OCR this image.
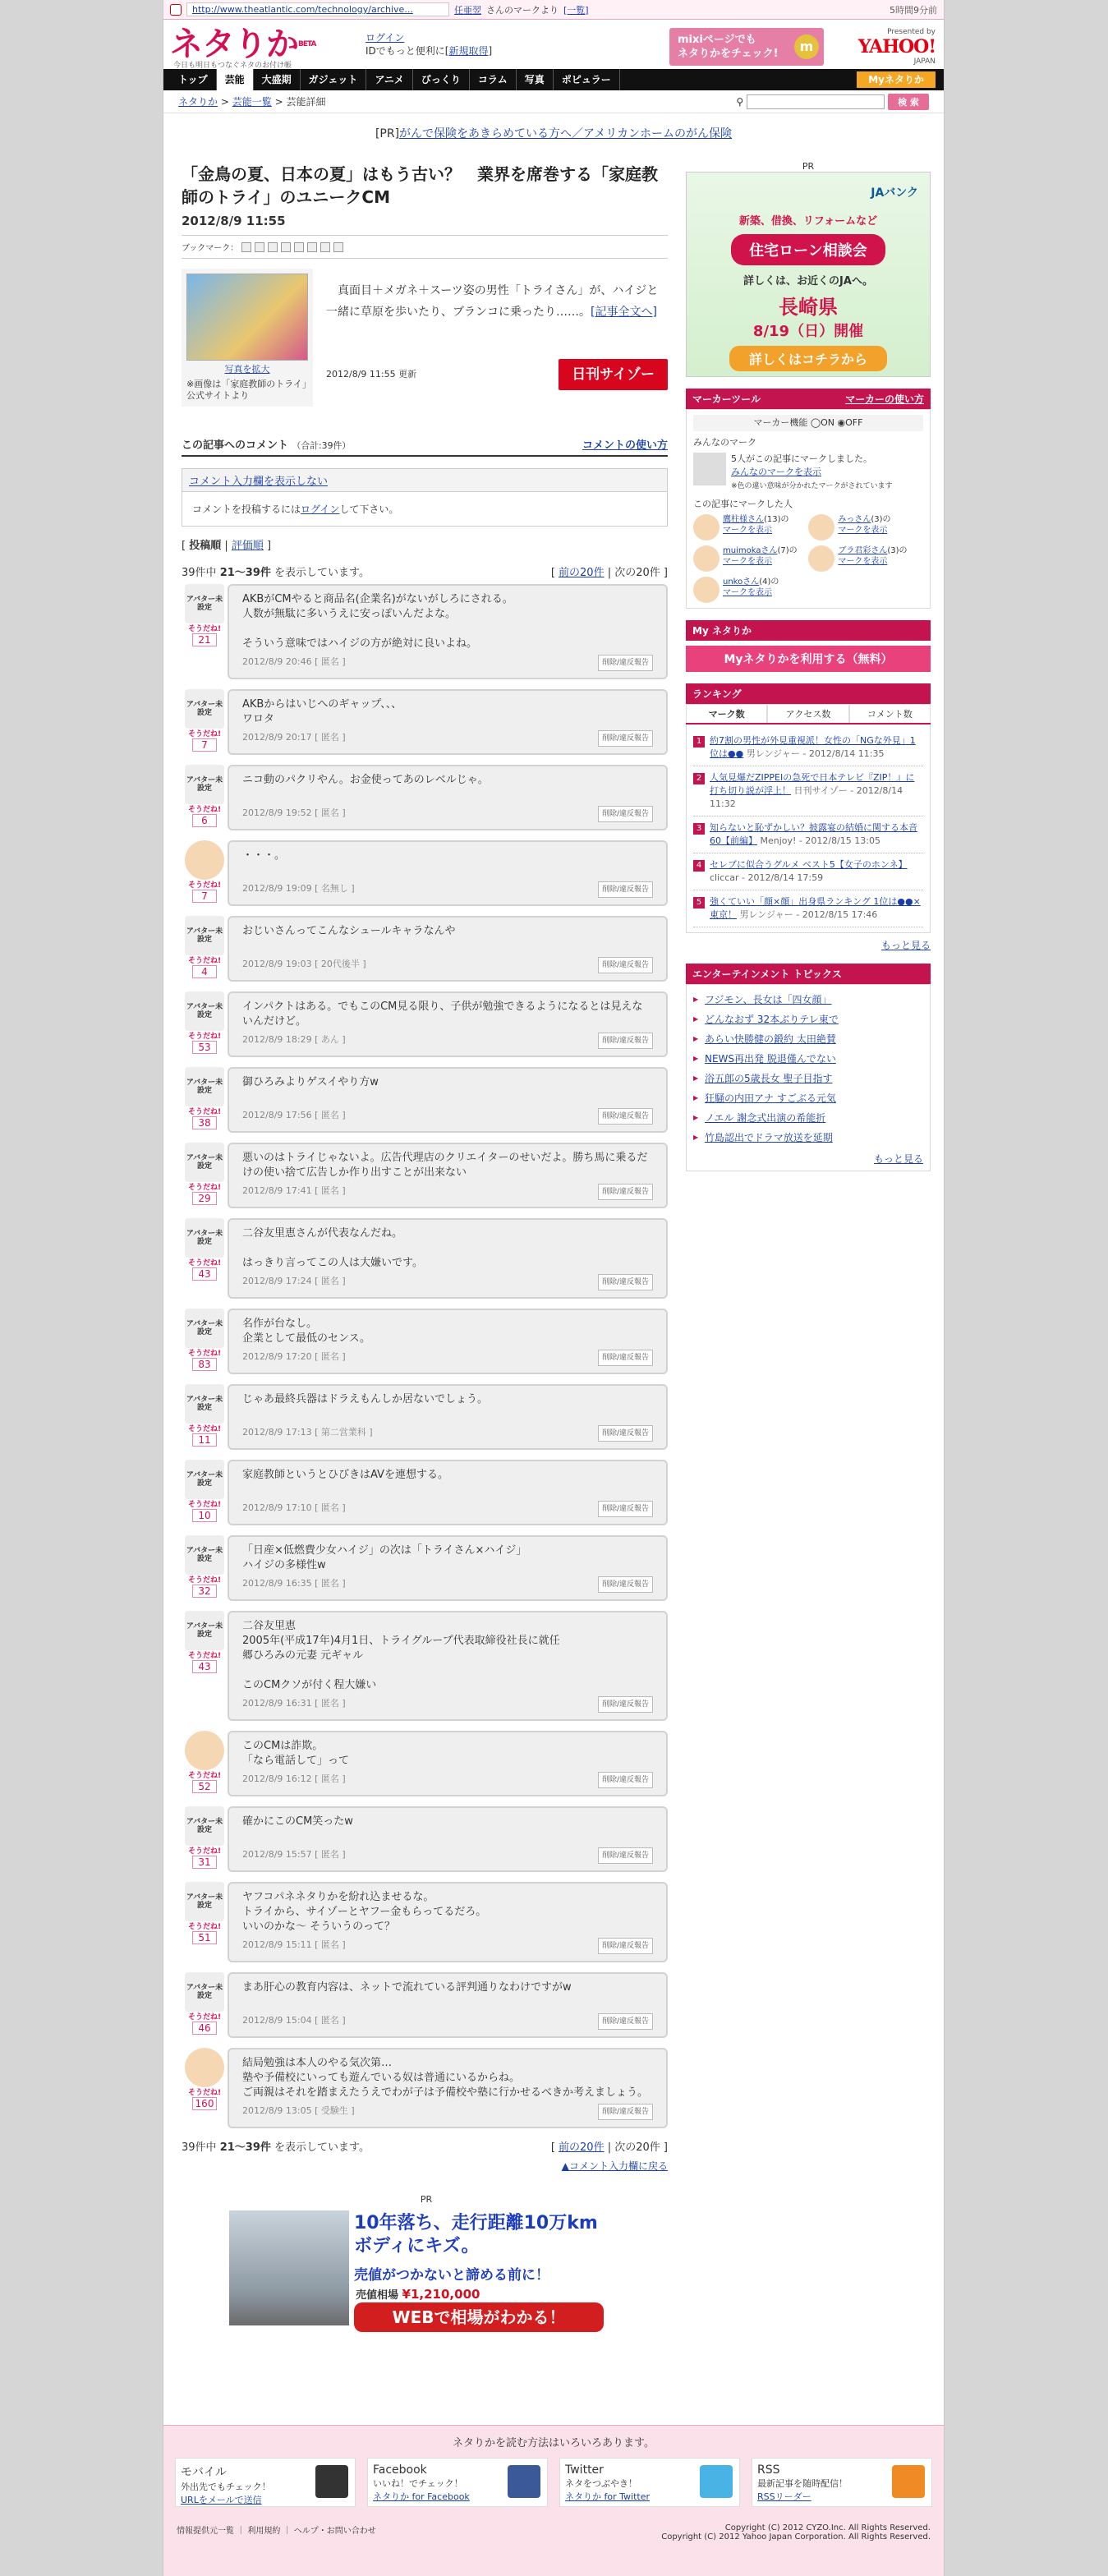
http://www.theatlantic.com/technology/archive...	任亜翌 さんのマークより [一覧]	5時間9分前
ネタりかBETA
今日も明日もつなぐネタのお付け帳
ログイン
IDでもっと便利に[新規取得]
mixiページでも
ネタりかをチェック!	m
Presented by
YAHOO!
JAPAN
トップ	芸能	大盛期	ガジェット	アニメ	びっくり	コラム	写真	ポピュラー	Myネタりか
ネタりか
>
芸能一覧
>
芸能詳細	⚲	検 索
[PR]がんで保険をあきらめている方へ／アメリカンホームのがん保険
「金鳥の夏、日本の夏」はもう古い？　業界を席巻する「家庭教師のトライ」のユニークCM
2012/8/9 11:55
ブックマーク：
写真を拡大
※画像は「家庭教師のトライ」公式サイトより
　真面目＋メガネ＋スーツ姿の男性「トライさん」が、ハイジと一緒に草原を歩いたり、ブランコに乗ったり……。[記事全文へ]
2012/8/9 11:55 更新	日刊サイゾー
この記事へのコメント （合計:39件）	コメントの使い方
コメント入力欄を表示しない
コメントを投稿するにはログインして下さい。
[ 投稿順 | 評価順 ]
39件中 21〜39件 を表示しています。	[ 前の20件 | 次の20件 ]
アバター未設定
そうだね!
21
AKBがCMやると商品名(企業名)がないがしろにされる。
人数が無駄に多いうえに安っぽいんだよな。

そういう意味ではハイジの方が絶対に良いよね。
2012/8/9 20:46 [ 匿名 ]	削除/違反報告
アバター未設定
そうだね!
7
AKBからはいじへのギャップ、、、
ワロタ
2012/8/9 20:17 [ 匿名 ]	削除/違反報告
アバター未設定
そうだね!
6
ニコ動のパクリやん。お金使ってあのレベルじゃ。
2012/8/9 19:52 [ 匿名 ]	削除/違反報告
そうだね!
7
・・・。
2012/8/9 19:09 [ 名無し ]	削除/違反報告
アバター未設定
そうだね!
4
おじいさんってこんなシュールキャラなんや
2012/8/9 19:03 [ 20代後半 ]	削除/違反報告
アバター未設定
そうだね!
53
インパクトはある。でもこのCM見る限り、子供が勉強できるようになるとは見えないんだけど。
2012/8/9 18:29 [ あん ]	削除/違反報告
アバター未設定
そうだね!
38
御ひろみよりゲスイやり方w
2012/8/9 17:56 [ 匿名 ]	削除/違反報告
アバター未設定
そうだね!
29
悪いのはトライじゃないよ。広告代理店のクリエイターのせいだよ。勝ち馬に乗るだけの使い捨て広告しか作り出すことが出来ない
2012/8/9 17:41 [ 匿名 ]	削除/違反報告
アバター未設定
そうだね!
43
二谷友里恵さんが代表なんだね。

はっきり言ってこの人は大嫌いです。
2012/8/9 17:24 [ 匿名 ]	削除/違反報告
アバター未設定
そうだね!
83
名作が台なし。
企業として最低のセンス。
2012/8/9 17:20 [ 匿名 ]	削除/違反報告
アバター未設定
そうだね!
11
じゃあ最終兵器はドラえもんしか居ないでしょう。
2012/8/9 17:13 [ 第二営業科 ]	削除/違反報告
アバター未設定
そうだね!
10
家庭教師というとひびきはAVを連想する。
2012/8/9 17:10 [ 匿名 ]	削除/違反報告
アバター未設定
そうだね!
32
「日産×低燃費少女ハイジ」の次は「トライさん×ハイジ」
ハイジの多様性w
2012/8/9 16:35 [ 匿名 ]	削除/違反報告
アバター未設定
そうだね!
43
二谷友里恵
2005年(平成17年)4月1日、トライグループ代表取締役社長に就任
郷ひろみの元妻 元ギャル

このCMクソが付く程大嫌い
2012/8/9 16:31 [ 匿名 ]	削除/違反報告
そうだね!
52
このCMは詐欺。
「なら電話して」って
2012/8/9 16:12 [ 匿名 ]	削除/違反報告
アバター未設定
そうだね!
31
確かにこのCM笑ったw
2012/8/9 15:57 [ 匿名 ]	削除/違反報告
アバター未設定
そうだね!
51
ヤフコパネネタりかを紛れ込ませるな。
トライから、サイゾーとヤフー金もらってるだろ。
いいのかな〜 そういうのって？
2012/8/9 15:11 [ 匿名 ]	削除/違反報告
アバター未設定
そうだね!
46
まあ肝心の教育内容は、ネットで流れている評判通りなわけですがw
2012/8/9 15:04 [ 匿名 ]	削除/違反報告
そうだね!
160
結局勉強は本人のやる気次第…
塾や予備校にいっても遊んでいる奴は普通にいるからね。
ご両親はそれを踏まえたうえでわが子は予備校や塾に行かせるべきか考えましょう。
2012/8/9 13:05 [ 受験生 ]	削除/違反報告
39件中 21〜39件 を表示しています。	[ 前の20件 | 次の20件 ]
▲コメント入力欄に戻る
PR
10年落ち、走行距離10万km
ボディにキズ。
売値がつかないと諦める前に！
売値相場 ¥1,210,000
WEBで相場がわかる！
PR
JAバンク
新築、借換、リフォームなど
住宅ローン相談会
詳しくは、お近くのJAへ。
長崎県
8/19（日）開催
詳しくはコチラから
マーカーツール	マーカーの使い方
マーカー機能 ◯ON ◉OFF
みんなのマーク
5人がこの記事にマークしました。
みんなのマークを表示
※色の違い意味が分かれたマークがされています
この記事にマークした人
鷹柱様さん(13)の
マークを表示
みっさん(3)の
マークを表示
muimokaさん(7)の
マークを表示
ブラ君彩さん(3)の
マークを表示
unkoさん(4)の
マークを表示
My ネタりか
Myネタりかを利用する（無料）
ランキング
マーク数	アクセス数	コメント数
1 約7割の男性が外見重視派！女性の「NGな外見」1位は●● 男レンジャー - 2012/8/14 11:35
2 人気見爆だZIPPEIの急死で日本テレビ『ZIP！』に打ち切り説が浮上！ 日刊サイゾー - 2012/8/14 11:32
3 知らないと恥ずかしい？披露宴の結婚に関する本音60【前編】 Menjoy! - 2012/8/15 13:05
4 セレブに似合うグルメ ベスト5【女子のホンネ】 cliccar - 2012/8/14 17:59
5 強くていい「顔×顔」出身県ランキング 1位は●●×東京！ 男レンジャー - 2012/8/15 17:46
もっと見る
エンターテインメント トピックス
▶ フジモン、長女は「四女顔」
▶ どんなおず 32本ぶりテレ東で
▶ あらい快勝健の鍛約 太田絶賛
▶ NEWS再出発 脱退僅んでない
▶ 浴五郎の5歳長女 聖子目指す
▶ 狂騒の内田アナ すごぶる元気
▶ ノエル 謝念式出演の希能折
▶ 竹島認出でドラマ放送を延期
もっと見る
ネタりかを読む方法はいろいろあります。
モバイル
外出先でもチェック！
URLをメールで送信
Facebook
いいね！でチェック！
ネタりか for Facebook
Twitter
ネタをつぶやき！
ネタりか for Twitter
RSS
最新記事を随時配信！
RSSリーダー
情報提供元一覧 ｜ 利用規約 ｜ ヘルプ・お問い合わせ	Copyright (C) 2012 CYZO.Inc. All Rights Reserved.
Copyright (C) 2012 Yahoo Japan Corporation. All Rights Reserved.
